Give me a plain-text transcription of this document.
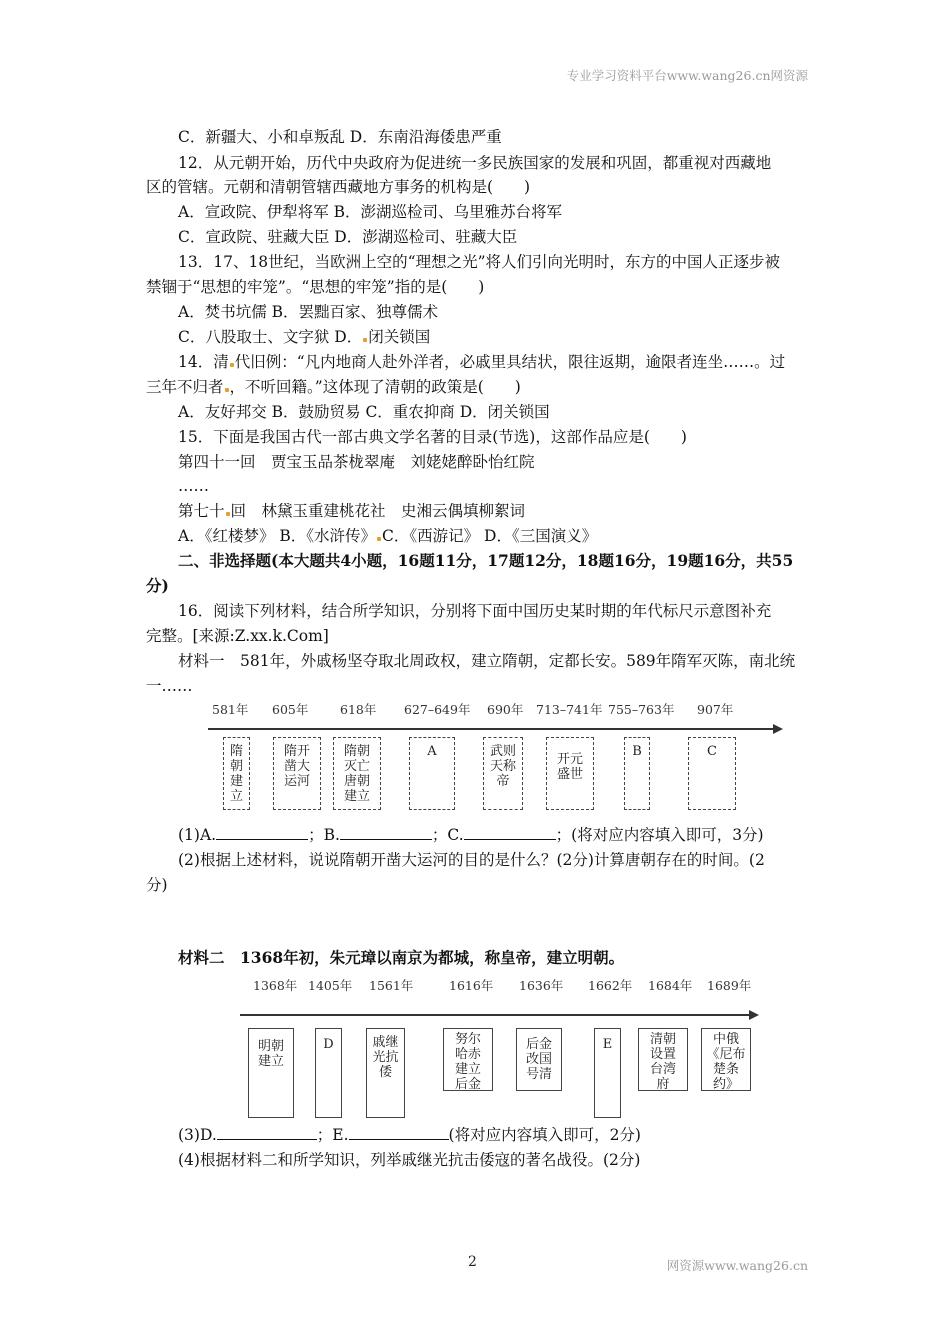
专业学习资料平台www.wang26.cn网资源
C．新疆大、小和卓叛乱 D．东南沿海倭患严重
12．从元朝开始，历代中央政府为促进统一多民族国家的发展和巩固，都重视对西藏地
区的管辖。元朝和清朝管辖西藏地方事务的机构是(　　)
A．宣政院、伊犁将军 B．澎湖巡检司、乌里雅苏台将军
C．宣政院、驻藏大臣 D．澎湖巡检司、驻藏大臣
13．17、18世纪，当欧洲上空的“理想之光”将人们引向光明时，东方的中国人正逐步被
禁锢于“思想的牢笼”。“思想的牢笼”指的是(　　)
A．焚书坑儒 B．罢黜百家、独尊儒术
C．八股取士、文字狱 D． 闭关锁国
14．清 代旧例：“凡内地商人赴外洋者，必戚里具结状，限往返期，逾限者连坐……。过
三年不归者 ，不听回籍。”这体现了清朝的政策是(　　)
A．友好邦交 B．鼓励贸易 C．重农抑商 D．闭关锁国
15．下面是我国古代一部古典文学名著的目录(节选)，这部作品应是(　　)
第四十一回　贾宝玉品茶栊翠庵　刘姥姥醉卧怡红院
……
第七十 回　林黛玉重建桃花社　史湘云偶填柳絮词
A．《红楼梦》 B．《水浒传》 C．《西游记》 D．《三国演义》
二、非选择题(本大题共4小题，16题11分，17题12分，18题16分，19题16分，共55
分)
16．阅读下列材料，结合所学知识，分别将下面中国历史某时期的年代标尺示意图补充
完整。[来源:Z.xx.k.Com]
材料一　581年，外戚杨坚夺取北周政权，建立隋朝，定都长安。589年隋军灭陈，南北统
一……
581年 605年	618年 627–649年 690年 713–741年 755–763年 907年
隋朝建立
隋开凿大运河
隋朝灭亡唐朝建立
A	武则天称帝
开元盛世
B	C
(1)A.	；B.	；C.	；(将对应内容填入即可，3分)
(2)根据上述材料，说说隋朝开凿大运河的目的是什么？(2分)计算唐朝存在的时间。(2
分)
材料二　1368年初，朱元璋以南京为都城，称皇帝，建立明朝。
1368年 1405年 1561年	1616年 1636年 1662年 1684年 1689年
明朝建立
D	戚继光抗倭
努尔哈赤建立后金
后金改国号清
E	清朝设置台湾府
中俄《尼布楚条约》
(3)D.	；E.	(将对应内容填入即可，2分)
(4)根据材料二和所学知识，列举戚继光抗击倭寇的著名战役。(2分)
2	网资源www.wang26.cn
